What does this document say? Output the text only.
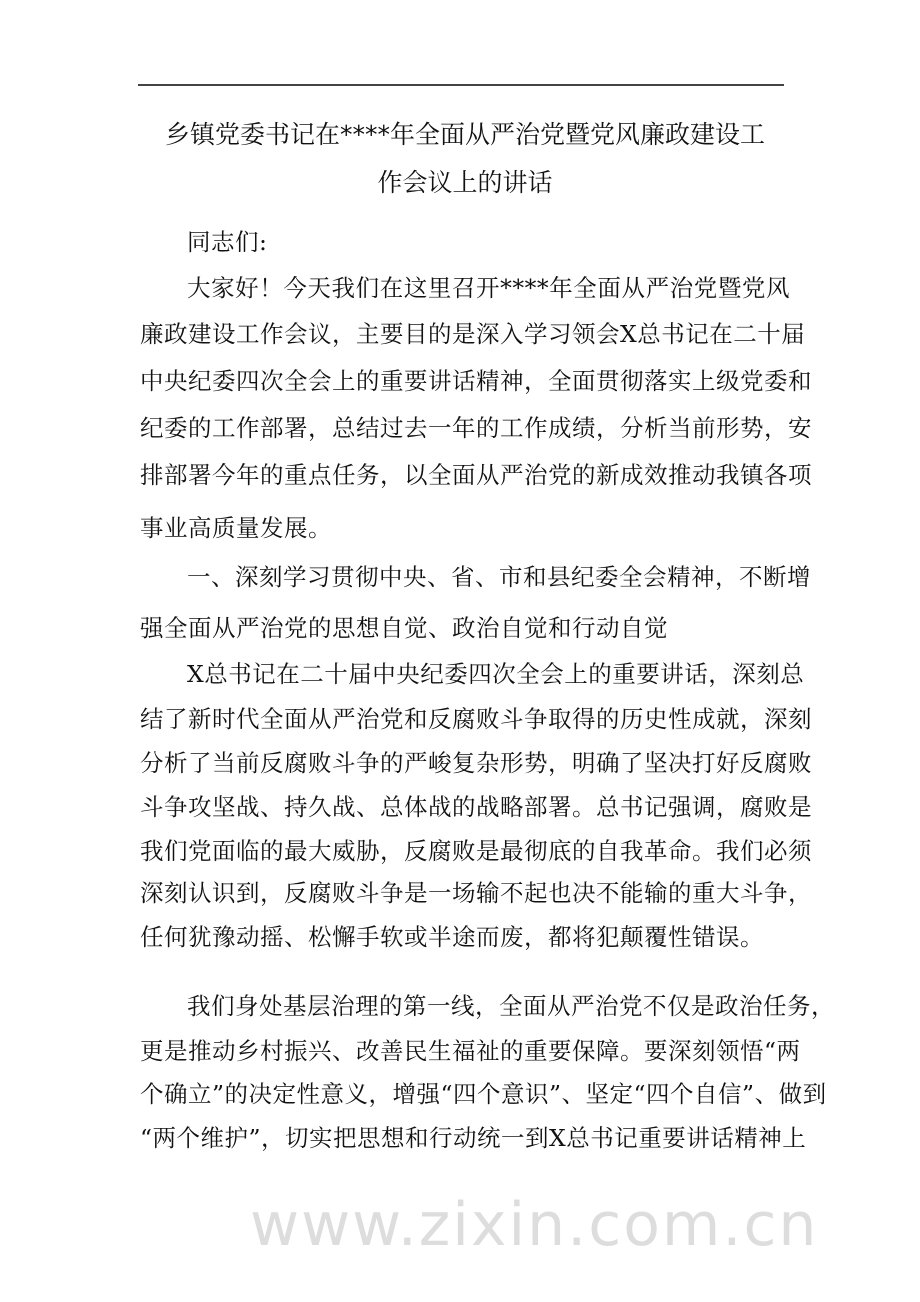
www.zixin.com.cn
乡镇党委书记在****年全面从严治党暨党风廉政建设工
作会议上的讲话
同志们:
大家好！今天我们在这里召开****年全面从严治党暨党风
廉政建设工作会议，主要目的是深入学习领会X总书记在二十届
中央纪委四次全会上的重要讲话精神，全面贯彻落实上级党委和
纪委的工作部署，总结过去一年的工作成绩，分析当前形势，安
排部署今年的重点任务，以全面从严治党的新成效推动我镇各项
事业高质量发展。
一、深刻学习贯彻中央、省、市和县纪委全会精神，不断增
强全面从严治党的思想自觉、政治自觉和行动自觉
X总书记在二十届中央纪委四次全会上的重要讲话，深刻总
结了新时代全面从严治党和反腐败斗争取得的历史性成就，深刻
分析了当前反腐败斗争的严峻复杂形势，明确了坚决打好反腐败
斗争攻坚战、持久战、总体战的战略部署。总书记强调，腐败是
我们党面临的最大威胁，反腐败是最彻底的自我革命。我们必须
深刻认识到，反腐败斗争是一场输不起也决不能输的重大斗争，
任何犹豫动摇、松懈手软或半途而废，都将犯颠覆性错误。
我们身处基层治理的第一线，全面从严治党不仅是政治任务，
更是推动乡村振兴、改善民生福祉的重要保障。要深刻领悟“两
个确立”的决定性意义，增强“四个意识”、坚定“四个自信”、做到
“两个维护”，切实把思想和行动统一到X总书记重要讲话精神上
